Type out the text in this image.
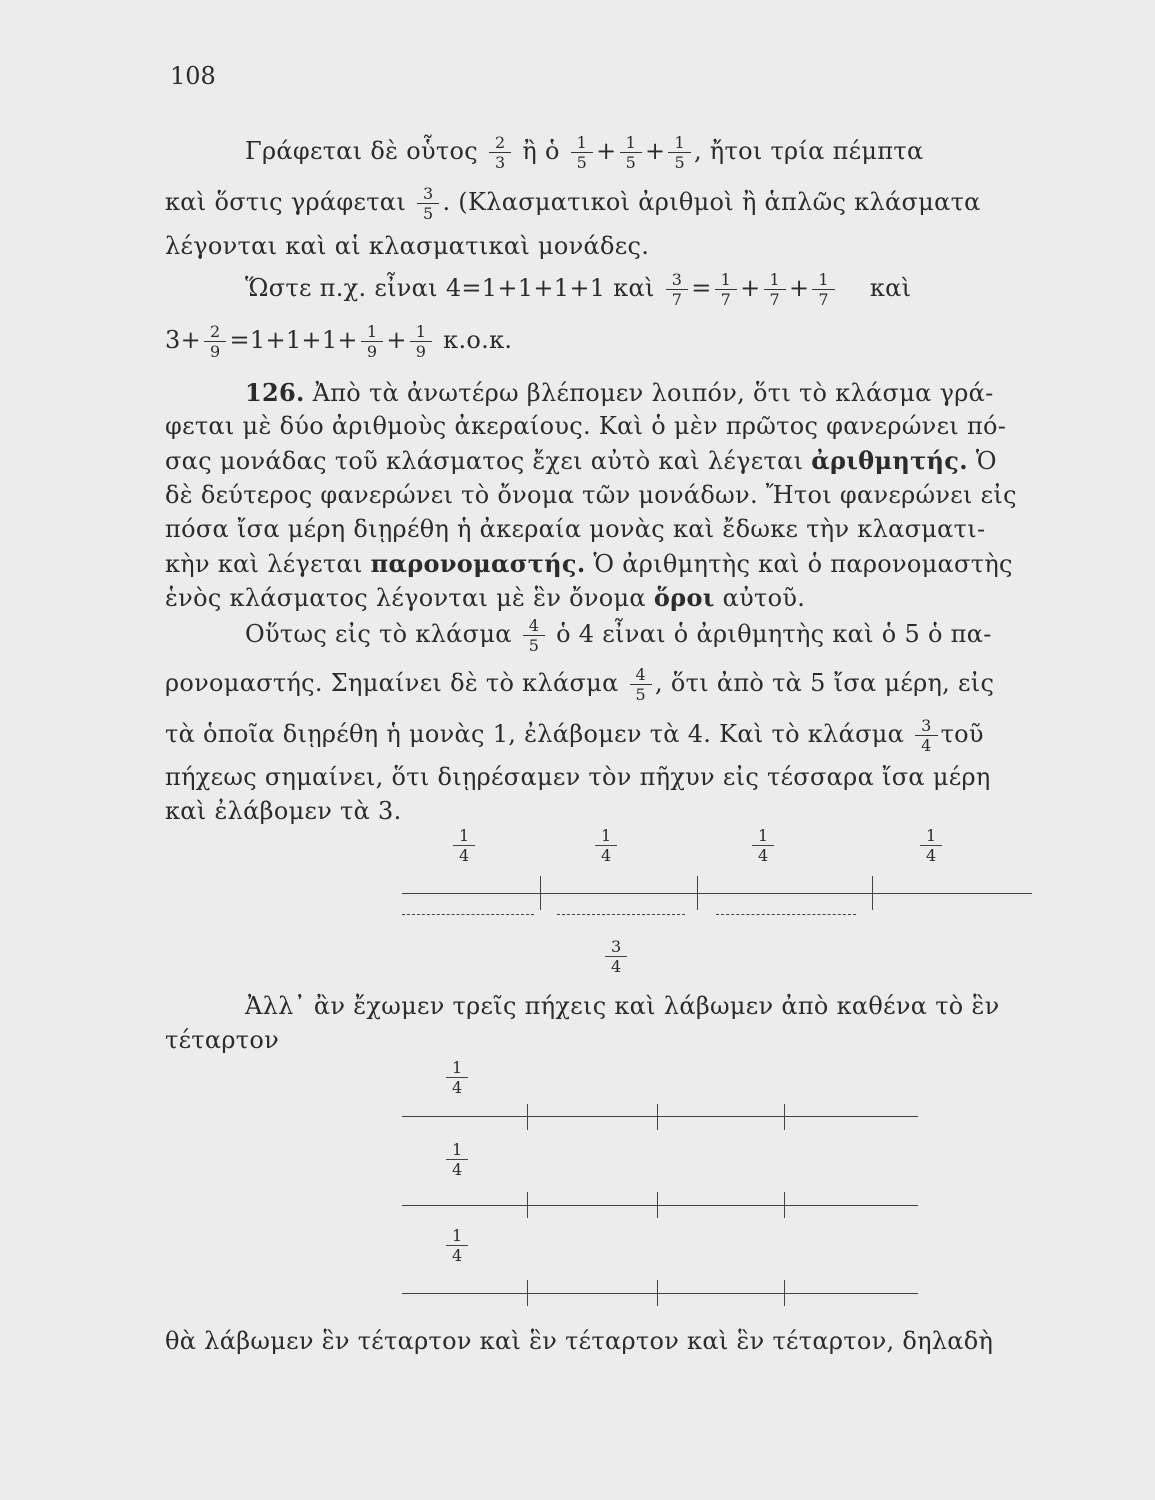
108
Γράφεται δὲ οὗτος $\frac{2}{3}$ ἢ ὁ $\frac{1}{5} + \frac{1}{5} + \frac{1}{5}$ , ἤτοι τρία πέμπτα
καὶ ὅστις γράφεται $\frac{3}{5}$ . (Κλασματικοὶ ἀριθμοὶ ἢ ἁπλῶς κλάσματα
λέγονται καὶ αἱ κλασματικαὶ μονάδες.
Ὥστε π.χ. εἶναι 4=1+1+1+1 καὶ $\frac{3}{7} = \frac{1}{7} + \frac{1}{7} + \frac{1}{7}$ καὶ
$3+ \frac{2}{9} =1+1+1+ \frac{1}{9} + \frac{1}{9} \kappa.o.\kappa$.
126. Ἀπὸ τὰ ἀνωτέρω βλέπομεν λοιπόν, ὅτι τὸ κλάσμα γρά-
φεται μὲ δύο ἀριθμοὺς ἀκεραίους. Καὶ ὁ μὲν πρῶτος φανερώνει πό-
σας μονάδας τοῦ κλάσματος ἔχει αὐτὸ καὶ λέγεται ἀριθμητής. Ὁ
δὲ δεύτερος φανερώνει τὸ ὄνομα τῶν μονάδων. Ἤτοι φανερώνει εἰς
πόσα ἴσα μέρη διῃρέθη ἡ ἀκεραία μονὰς καὶ ἔδωκε τὴν κλασματι-
κὴν καὶ λέγεται παρονομαστής. Ὁ ἀριθμητὴς καὶ ὁ παρονομαστὴς
ἑνὸς κλάσματος λέγονται μὲ ἓν ὄνομα ὅροι αὐτοῦ.
Οὕτως εἰς τὸ κλάσμα $\frac{4}{5}$ ὁ 4 εἶναι ὁ ἀριθμητὴς καὶ ὁ 5 ὁ πα-
ρονομαστής. Σημαίνει δὲ τὸ κλάσμα $\frac{4}{5}$ , ὅτι ἀπὸ τὰ 5 ἴσα μέρη, εἰς
τὰ ὁποῖα διῃρέθη ἡ μονὰς 1, ἐλάβομεν τὰ 4. Καὶ τὸ κλάσμα $\frac{3}{4}$ τοῦ
πήχεως σημαίνει, ὅτι διῃρέσαμεν τὸν πῆχυν εἰς τέσσαρα ἴσα μέρη
καὶ ἐλάβομεν τὰ 3.
1
4
1
4
1
4
1
4
3
4
Ἀλλ᾽ ἂν ἔχωμεν τρεῖς πήχεις καὶ λάβωμεν ἀπὸ καθένα τὸ ἓν
τέταρτον
1
4
1
4
1
4
θὰ λάβωμεν ἓν τέταρτον καὶ ἓν τέταρτον καὶ ἓν τέταρτον, δηλαδὴ
